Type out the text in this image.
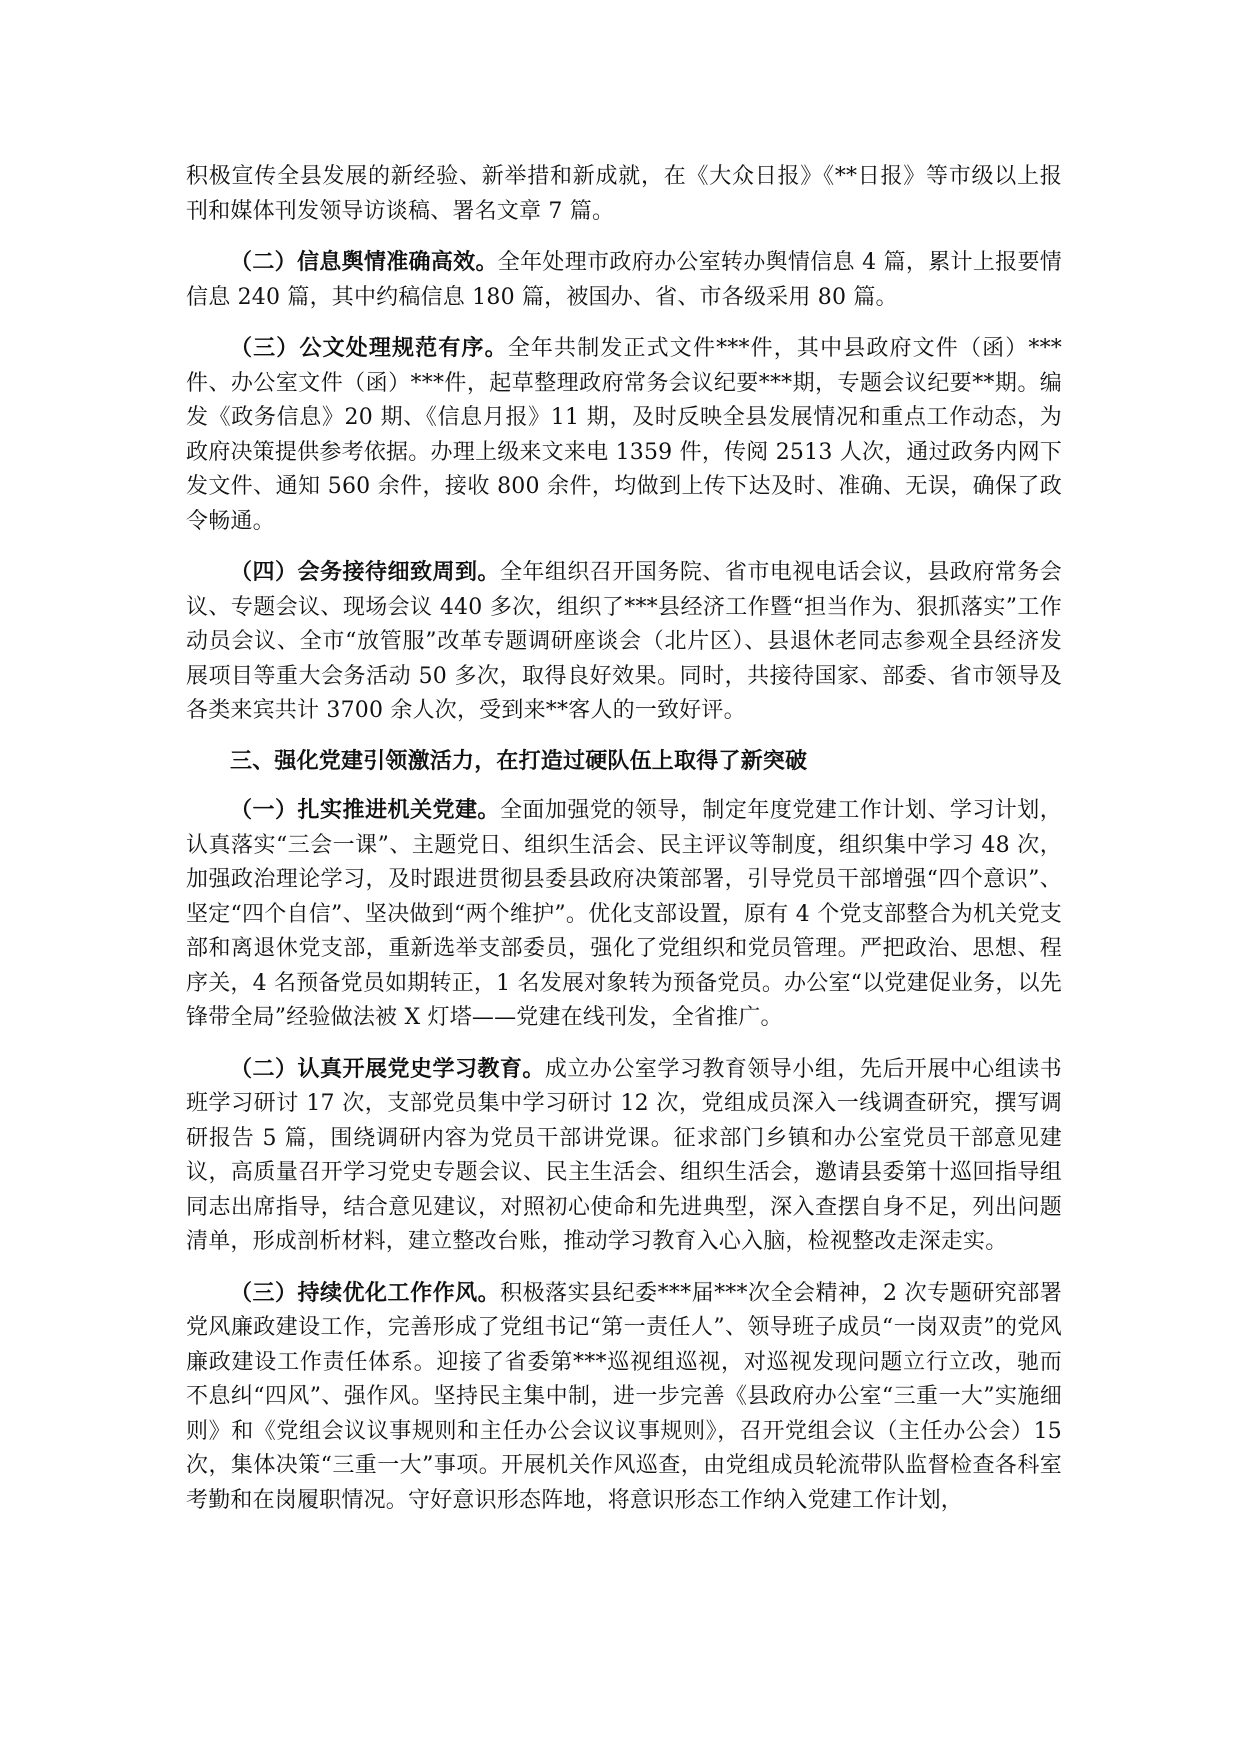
积极宣传全县发展的新经验、新举措和新成就，在《大众日报》《**日报》等市级以上报刊和媒体刊发领导访谈稿、署名文章 7 篇。

（二）信息舆情准确高效。全年处理市政府办公室转办舆情信息 4 篇，累计上报要情信息 240 篇，其中约稿信息 180 篇，被国办、省、市各级采用 80 篇。

（三）公文处理规范有序。全年共制发正式文件***件，其中县政府文件（函）***件、办公室文件（函）***件，起草整理政府常务会议纪要***期，专题会议纪要**期。编发《政务信息》20 期、《信息月报》11 期，及时反映全县发展情况和重点工作动态，为政府决策提供参考依据。办理上级来文来电 1359 件，传阅 2513 人次，通过政务内网下发文件、通知 560 余件，接收 800 余件，均做到上传下达及时、准确、无误，确保了政令畅通。

（四）会务接待细致周到。全年组织召开国务院、省市电视电话会议，县政府常务会议、专题会议、现场会议 440 多次，组织了***县经济工作暨“担当作为、狠抓落实”工作动员会议、全市“放管服”改革专题调研座谈会（北片区）、县退休老同志参观全县经济发展项目等重大会务活动 50 多次，取得良好效果。同时，共接待国家、部委、省市领导及各类来宾共计 3700 余人次，受到来**客人的一致好评。

三、强化党建引领激活力，在打造过硬队伍上取得了新突破

（一）扎实推进机关党建。全面加强党的领导，制定年度党建工作计划、学习计划，认真落实“三会一课”、主题党日、组织生活会、民主评议等制度，组织集中学习 48 次，加强政治理论学习，及时跟进贯彻县委县政府决策部署，引导党员干部增强“四个意识”、坚定“四个自信”、坚决做到“两个维护”。优化支部设置，原有 4 个党支部整合为机关党支部和离退休党支部，重新选举支部委员，强化了党组织和党员管理。严把政治、思想、程序关，4 名预备党员如期转正，1 名发展对象转为预备党员。办公室“以党建促业务，以先锋带全局”经验做法被 X 灯塔——党建在线刊发，全省推广。

（二）认真开展党史学习教育。成立办公室学习教育领导小组，先后开展中心组读书班学习研讨 17 次，支部党员集中学习研讨 12 次，党组成员深入一线调查研究，撰写调研报告 5 篇，围绕调研内容为党员干部讲党课。征求部门乡镇和办公室党员干部意见建议，高质量召开学习党史专题会议、民主生活会、组织生活会，邀请县委第十巡回指导组同志出席指导，结合意见建议，对照初心使命和先进典型，深入查摆自身不足，列出问题清单，形成剖析材料，建立整改台账，推动学习教育入心入脑，检视整改走深走实。

（三）持续优化工作作风。积极落实县纪委***届***次全会精神，2 次专题研究部署党风廉政建设工作，完善形成了党组书记“第一责任人”、领导班子成员“一岗双责”的党风廉政建设工作责任体系。迎接了省委第***巡视组巡视，对巡视发现问题立行立改，驰而不息纠“四风”、强作风。坚持民主集中制，进一步完善《县政府办公室“三重一大”实施细则》和《党组会议议事规则和主任办公会议议事规则》，召开党组会议（主任办公会）15 次，集体决策“三重一大”事项。开展机关作风巡查，由党组成员轮流带队监督检查各科室考勤和在岗履职情况。守好意识形态阵地，将意识形态工作纳入党建工作计划，
